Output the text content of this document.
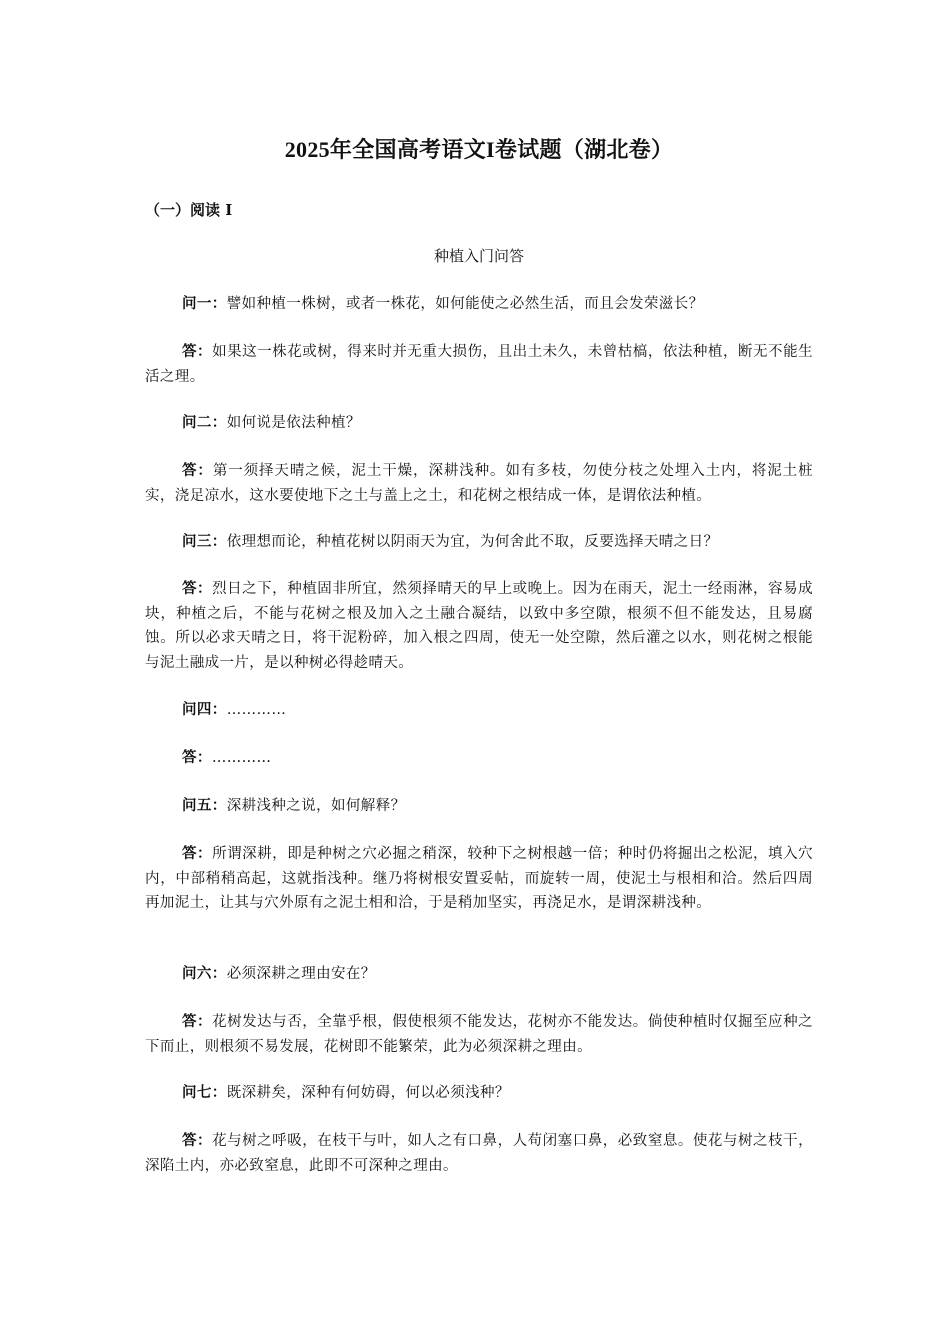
2025年全国高考语文I卷试题（湖北卷）
（一）阅读 I
种植入门问答

问一：譬如种植一株树，或者一株花，如何能使之必然生活，而且会发荣滋长？

答：如果这一株花或树，得来时并无重大损伤，且出土未久，未曾枯槁，依法种植，断无不能生活之理。

问二：如何说是依法种植？

答：第一须择天晴之候，泥土干燥，深耕浅种。如有多枝，勿使分枝之处埋入土内，将泥土桩实，浇足凉水，这水要使地下之土与盖上之土，和花树之根结成一体，是谓依法种植。

问三：依理想而论，种植花树以阴雨天为宜，为何舍此不取，反要选择天晴之日？

答：烈日之下，种植固非所宜，然须择晴天的早上或晚上。因为在雨天，泥土一经雨淋，容易成块，种植之后，不能与花树之根及加入之土融合凝结，以致中多空隙，根须不但不能发达，且易腐蚀。所以必求天晴之日，将干泥粉碎，加入根之四周，使无一处空隙，然后灌之以水，则花树之根能与泥土融成一片，是以种树必得趁晴天。

问四：…………

答：…………

问五：深耕浅种之说，如何解释？

答：所谓深耕，即是种树之穴必掘之稍深，较种下之树根越一倍；种时仍将掘出之松泥，填入穴内，中部稍稍高起，这就指浅种。继乃将树根安置妥帖，而旋转一周，使泥土与根相和洽。然后四周再加泥土，让其与穴外原有之泥土相和洽，于是稍加坚实，再浇足水，是谓深耕浅种。

问六：必须深耕之理由安在？

答：花树发达与否，全靠乎根，假使根须不能发达，花树亦不能发达。倘使种植时仅掘至应种之下而止，则根须不易发展，花树即不能繁荣，此为必须深耕之理由。

问七：既深耕矣，深种有何妨碍，何以必须浅种？

答：花与树之呼吸，在枝干与叶，如人之有口鼻，人苟闭塞口鼻，必致窒息。使花与树之枝干，深陷土内，亦必致窒息，此即不可深种之理由。
